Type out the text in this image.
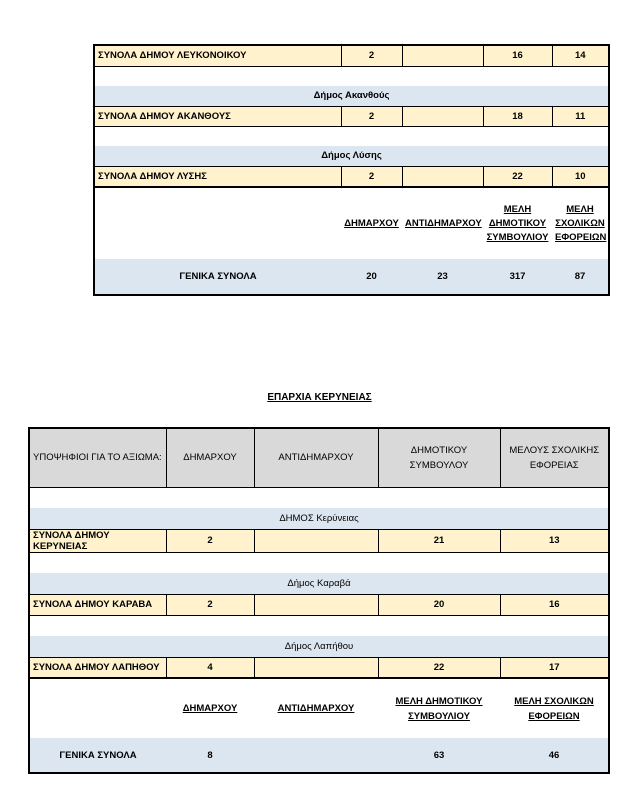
ΣΥΝΟΛΑ ΔΗΜΟΥ ΛΕΥΚΟΝΟΙΚΟΥ	2		16	14

Δήμος Ακανθούς				
ΣΥΝΟΛΑ ΔΗΜΟΥ ΑΚΑΝΘΟΥΣ	2		18	11

Δήμος Λύσης				
ΣΥΝΟΛΑ ΔΗΜΟΥ ΛΥΣΗΣ	2		22	10
	ΔΗΜΑΡΧΟΥ	ΑΝΤΙΔΗΜΑΡΧΟΥ	ΜΕΛΗ ΔΗΜΟΤΙΚΟΥ ΣΥΜΒΟΥΛΙΟΥ	ΜΕΛΗ ΣΧΟΛΙΚΩΝ ΕΦΟΡΕΙΩΝ
ΓΕΝΙΚΑ ΣΥΝΟΛΑ	20	23	317	87
ΕΠΑΡΧΙΑ ΚΕΡΥΝΕΙΑΣ
ΥΠΟΨΗΦΙΟΙ ΓΙΑ ΤΟ ΑΞΙΩΜΑ:	ΔΗΜΑΡΧΟΥ	ΑΝΤΙΔΗΜΑΡΧΟΥ	ΔΗΜΟΤΙΚΟΥ ΣΥΜΒΟΥΛΟΥ	ΜΕΛΟΥΣ ΣΧΟΛΙΚΗΣ ΕΦΟΡΕΙΑΣ

ΔΗΜΟΣ Κερύνειας				
ΣΥΝΟΛΑ ΔΗΜΟΥ ΚΕΡΥΝΕΙΑΣ	2		21	13

Δήμος Καραβά				
ΣΥΝΟΛΑ ΔΗΜΟΥ ΚΑΡΑΒΑ	2		20	16

Δήμος Λαπήθου				
ΣΥΝΟΛΑ ΔΗΜΟΥ ΛΑΠΗΘΟΥ	4		22	17
	ΔΗΜΑΡΧΟΥ	ΑΝΤΙΔΗΜΑΡΧΟΥ	ΜΕΛΗ ΔΗΜΟΤΙΚΟΥ ΣΥΜΒΟΥΛΙΟΥ	ΜΕΛΗ ΣΧΟΛΙΚΩΝ ΕΦΟΡΕΙΩΝ
ΓΕΝΙΚΑ ΣΥΝΟΛΑ	8		63	46
